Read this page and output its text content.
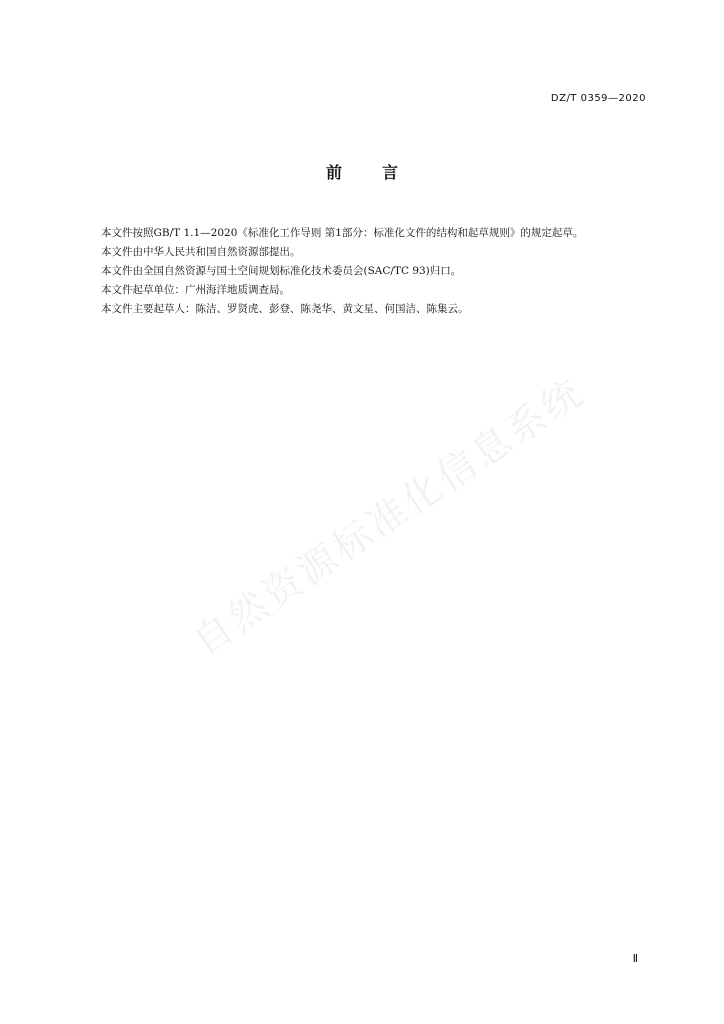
DZ/T 0359—2020
前言

本文件按照GB/T 1.1—2020《标准化工作导则 第1部分：标准化文件的结构和起草规则》的规定起草。

本文件由中华人民共和国自然资源部提出。

本文件由全国自然资源与国土空间规划标准化技术委员会(SAC/TC 93)归口。

本文件起草单位：广州海洋地质调查局。

本文件主要起草人：陈洁、罗贤虎、彭登、陈尧华、黄文星、何国洁、陈集云。

自然资源标准化信息系统
Ⅱ
